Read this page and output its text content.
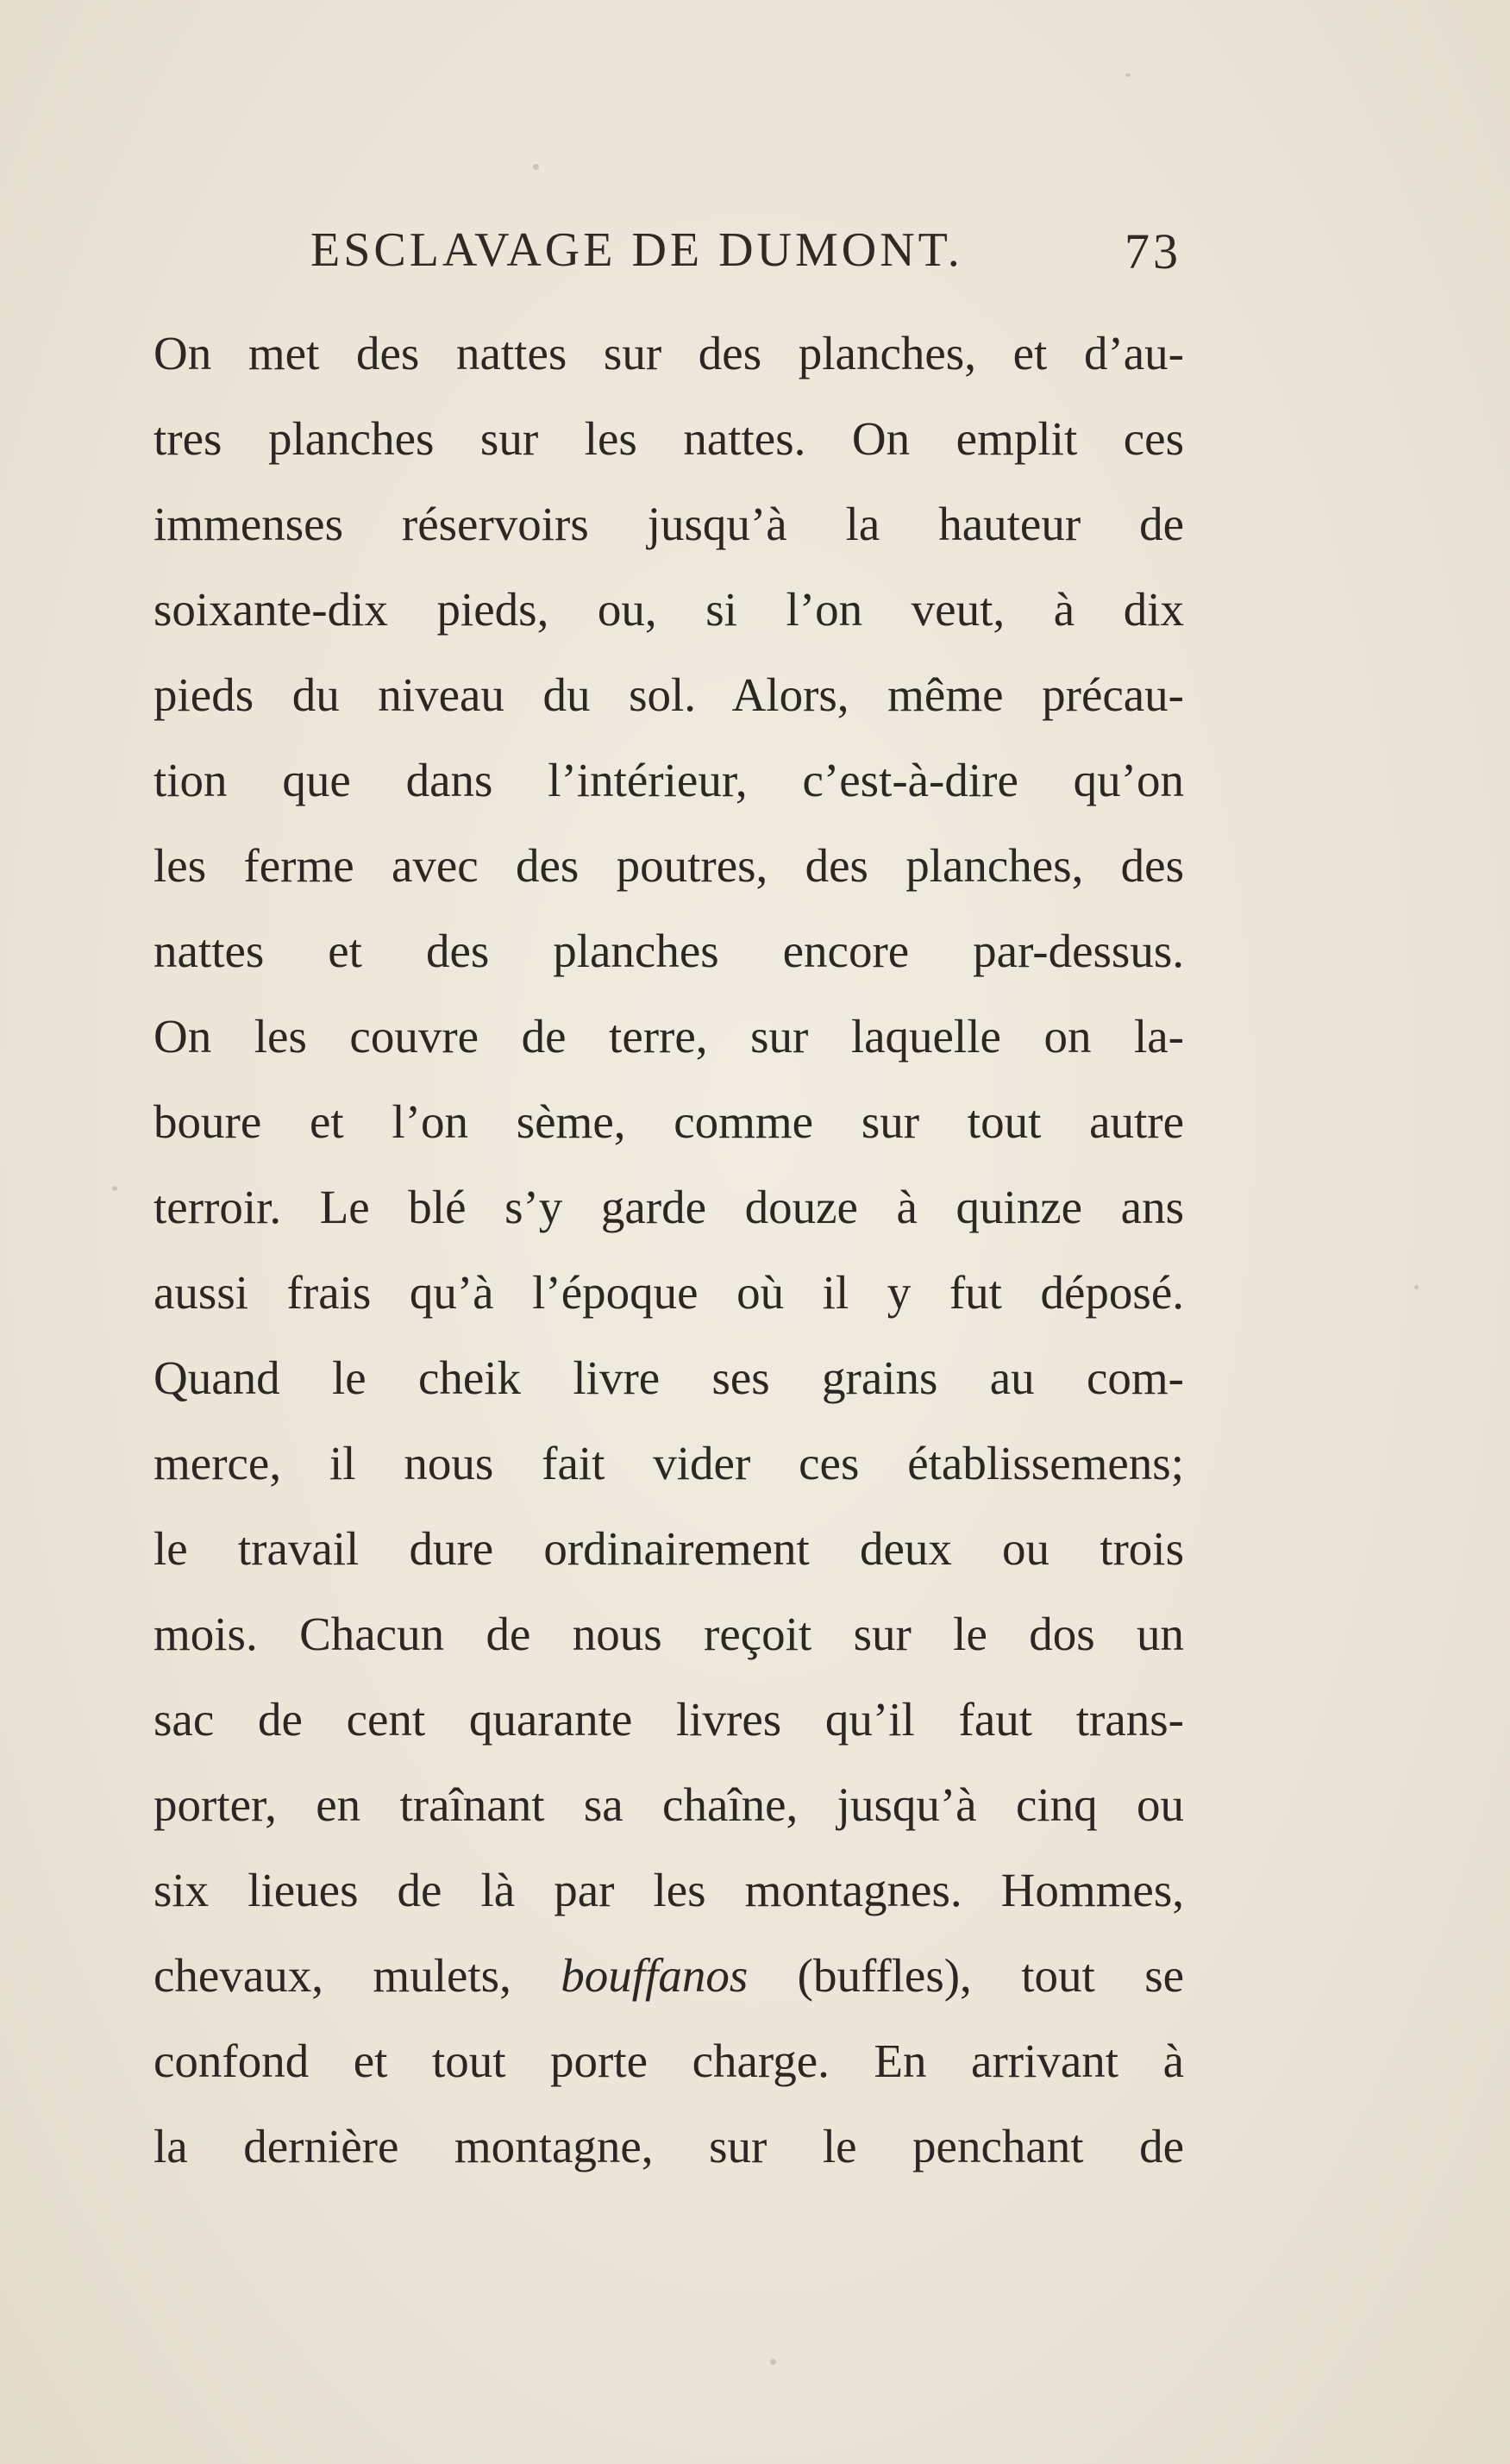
ESCLAVAGE DE DUMONT.	73
On met des nattes sur des planches, et d’au-
tres planches sur les nattes. On emplit ces
immenses réservoirs jusqu’à la hauteur de
soixante-dix pieds, ou, si l’on veut, à dix
pieds du niveau du sol. Alors, même précau-
tion que dans l’intérieur, c’est-à-dire qu’on
les ferme avec des poutres, des planches, des
nattes et des planches encore par-dessus.
On les couvre de terre, sur laquelle on la-
boure et l’on sème, comme sur tout autre
terroir. Le blé s’y garde douze à quinze ans
aussi frais qu’à l’époque où il y fut déposé.
Quand le cheik livre ses grains au com-
merce, il nous fait vider ces établissemens;
le travail dure ordinairement deux ou trois
mois. Chacun de nous reçoit sur le dos un
sac de cent quarante livres qu’il faut trans-
porter, en traînant sa chaîne, jusqu’à cinq ou
six lieues de là par les montagnes. Hommes,
chevaux, mulets, bouffanos (buffles), tout se
confond et tout porte charge. En arrivant à
la dernière montagne, sur le penchant de
